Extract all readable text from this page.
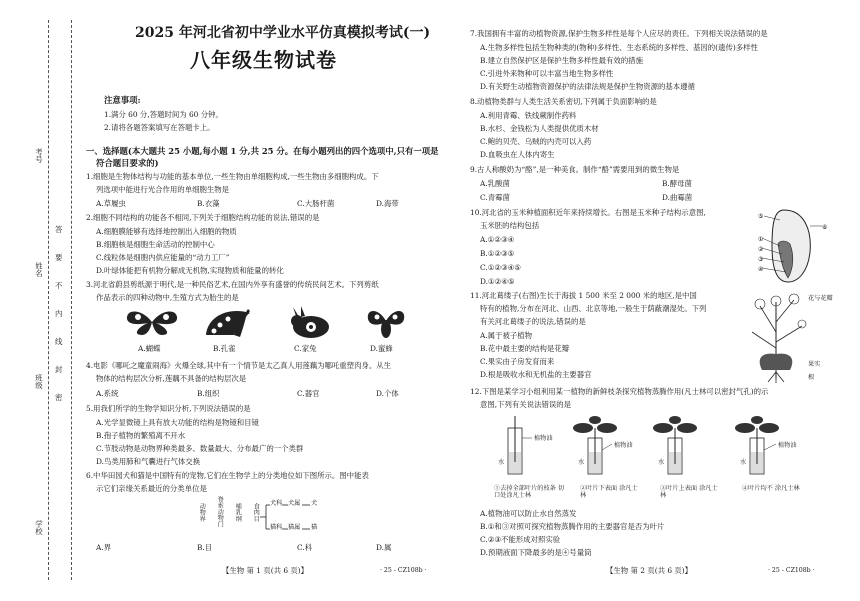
考号
姓名
班级
学校
答
要
不
内
线
封
密
2025 年河北省初中学业水平仿真模拟考试(一)
八年级生物试卷
注意事项:
1.满分 60 分,答题时间为 60 分钟。
2.请将各题答案填写在答题卡上。
一、选择题(本大题共 25 小题,每小题 1 分,共 25 分。在每小题列出的四个选项中,只有一项是
符合题目要求的)
1.细胞是生物体结构与功能的基本单位,一些生物由单细胞构成,一些生物由多细胞构成。下
列选项中能进行光合作用的单细胞生物是
A.草履虫	B.衣藻	C.大肠杆菌	D.海带
2.细胞不同结构的功能各不相同,下列关于细胞结构功能的说法,错误的是
A.细胞膜能够有选择地控制出入细胞的物质
B.细胞核是细胞生命活动的控制中心
C.线粒体是细胞内供应能量的“动力工厂”
D.叶绿体能把有机物分解成无机物,实现物质和能量的转化
3.河北省蔚县剪纸源于明代,是一种民俗艺术,在国内外享有盛誉的传统民间艺术。下列剪纸
作品表示的四种动物中,生殖方式为胎生的是
A.蝴蝶	B.孔雀	C.家兔	D.蜜蜂
4.电影《哪吒之魔童闹海》火爆全球,其中有一个情节是太乙真人用莲藕为哪吒重塑肉身。从生
物体的结构层次分析,莲藕不具备的结构层次是
A.系统	B.组织	C.器官	D.个体
5.用我们所学的生物学知识分析,下列说法错误的是
A.光学显微镜上具有放大功能的结构是物镜和目镜
B.孢子植物的繁殖离不开水
C.节肢动物是动物界种类最多、数量最大、分布最广的一个类群
D.鸟类用肺和气囊进行气体交换
6.中华田园犬和猫是中国特有的宠物,它们在生物学上的分类地位如下图所示。图中能表
示它们亲缘关系最近的分类单位是
动物界 脊索动物门 哺乳纲 食肉目 犬科 犬属 犬
猫科 猫属 猫
A.界	B.目	C.科	D.属
【生物 第 1 页(共 6 页)】	· 25 - CZ108b ·
7.我国拥有丰富的动植物资源,保护生物多样性是每个人应尽的责任。下列相关说法错误的是
A.生物多样性包括生物种类的(物种)多样性、生态系统的多样性、基因的(遗传)多样性
B.建立自然保护区是保护生物多样性最有效的措施
C.引进外来物种可以丰富当地生物多样性
D.有关野生动植物资源保护的法律法规是保护生物资源的基本遵循
8.动植物类群与人类生活关系密切,下列属于负面影响的是
A.利用青霉、铁线蕨制作药料
B.水杉、金钱松为人类提供优质木材
C.鲍的贝壳、乌贼的内壳可以入药
D.血吸虫在人体内寄生
9.古人称酸奶为“酪”,是一种美食。制作“酪”需要用到的微生物是
A.乳酸菌	B.酵母菌
C.青霉菌	D.曲霉菌
10.河北省的玉米种植面积近年来持续增长。右图是玉米种子结构示意图,
玉米胚的结构包括
A.①②③④
B.①②③⑤
C.①②③④⑤
D.①②④⑤
⑤
⑥
①
②
③
④
11.河北葛缕子(右图)生长于海拔 1 500 米至 2 000 米的地区,是中国
特有的植物,分布在河北、山西、北京等地,一般生于荫蔽潮湿处。下列
有关河北葛缕子的说法,错误的是
A.属于被子植物
B.花中最主要的结构是花瓣
C.果实由子房发育而来
D.根是吸收水和无机盐的主要器官
花与花瓣
果实
根
12.下图是某学习小组利用某一植物的新鲜枝条探究植物蒸腾作用(凡士林可以密封气孔)的示
意图,下列有关说法错误的是
植物油
植物油	植物油
水	水	水	水
①去掉全部叶片的枝条 切口处涂凡士林
②叶片下表面 涂凡士林
③叶片上表面 涂凡士林
④叶片均不 涂凡士林
A.植物油可以防止水自然蒸发
B.①和③对照可探究植物蒸腾作用的主要器官是否为叶片
C.②③不能形成对照实验
D.预期液面下降最多的是④号量筒
【生物 第 2 页(共 6 页)】	· 25 - CZ108b ·
